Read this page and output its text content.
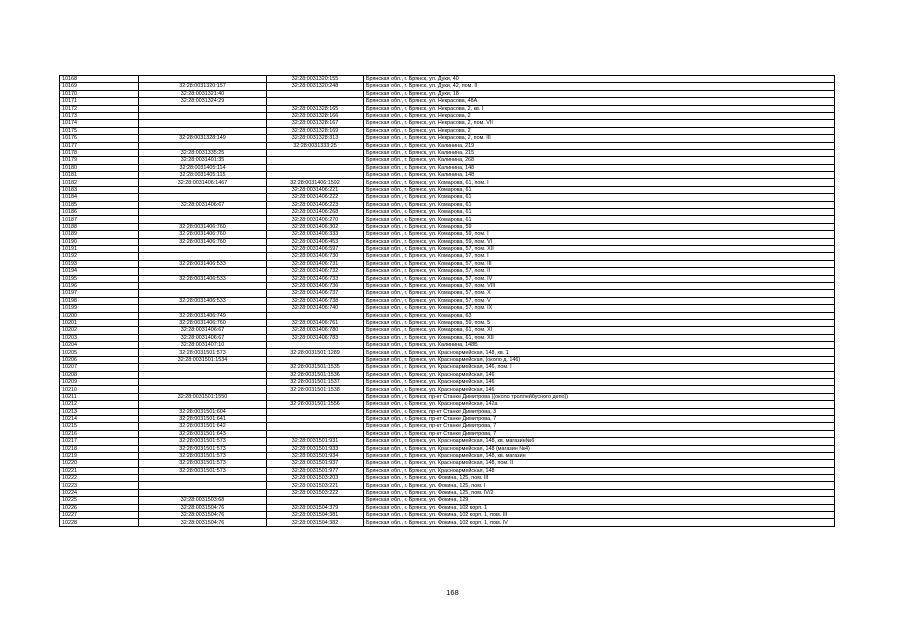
10168		32:28:0031320:155	Брянская обл., г. Брянск, ул. Дуки, 40
10169	32:28:0031320:157	32:28:0031320:248	Брянская обл., г. Брянск, ул. Дуки, 42, пом. II
10170	32:28:0031321:40		Брянская обл., г. Брянск, ул. Дуки, 18
10171	32:28:0031324:29		Брянская обл., г. Брянск, ул. Некрасова, 48А
10172		32:28:0031328:165	Брянская обл., г. Брянск, ул. Некрасова, 2, кв. I
10173		32:28:0031328:166	Брянская обл., г. Брянск, ул. Некрасова, 2
10174		32:28:0031328:167	Брянская обл., г. Брянск, ул. Некрасова, 2, пом. VII
10175		32:28:0031328:169	Брянская обл., г. Брянск, ул. Некрасова, 2
10176	32:28:0031328:149	32:28:0031328:313	Брянская обл., г. Брянск, ул. Некрасова, 2, пом. III
10177		32:28:0031333:25	Брянская обл., г. Брянск, ул. Калинина, 219
10178	32:28:0031335:25		Брянская обл., г. Брянск, ул. Калинина, 215
10179	32:28:0031401:35		Брянская обл., г. Брянск, ул. Калинина, 268
10180	32:28:0031405:114		Брянская обл., г. Брянск, ул. Калинина, 148
10181	32:28:0031405:115		Брянская обл., г. Брянск, ул. Калинина, 148
10182	32:28:0031406:1467	32:28:0031406:1592	Брянская обл., г. Брянск, ул. Комарова, 61, пом. I
10183		32:28:0031406:221	Брянская обл., г. Брянск, ул. Комарова, 61
10184		32:28:0031406:222	Брянская обл., г. Брянск, ул. Комарова, 61
10185	32:28:0031406:67	32:28:0031406:223	Брянская обл., г. Брянск, ул. Комарова, 61
10186		32:28:0031406:268	Брянская обл., г. Брянск, ул. Комарова, 61
10187		32:28:0031406:270	Брянская обл., г. Брянск, ул. Комарова, 61
10188	32:28:0031406:760	32:28:0031406:302	Брянская обл., г. Брянск, ул. Комарова, 59
10189	32:28:0031406:760	32:28:0031406:333	Брянская обл., г. Брянск, ул. Комарова, 59, пом. I
10190	32:28:0031406:760	32:28:0031406:453	Брянская обл., г. Брянск, ул. Комарова, 59, пом. VI
10191		32:28:0031406:597	Брянская обл., г. Брянск, ул. Комарова, 57, пом. XII
10192		32:28:0031406:730	Брянская обл., г. Брянск, ул. Комарова, 57, пом. I
10193	32:28:0031406:533	32:28:0031406:731	Брянская обл., г. Брянск, ул. Комарова, 57, пом. III
10194		32:28:0031406:732	Брянская обл., г. Брянск, ул. Комарова, 57, пом. II
10195	32:28:0031406:533	32:28:0031406:733	Брянская обл., г. Брянск, ул. Комарова, 57, пом. IV
10196		32:28:0031406:736	Брянская обл., г. Брянск, ул. Комарова, 57, пом. VIII
10197		32:28:0031406:737	Брянская обл., г. Брянск, ул. Комарова, 57, пом. X
10198	32:28:0031406:533	32:28:0031406:738	Брянская обл., г. Брянск, ул. Комарова, 57, пом. V
10199		32:28:0031406:740	Брянская обл., г. Брянск, ул. Комарова, 57, пом. IX
10200	32:28:0031406:749		Брянская обл., г. Брянск, ул. Комарова, 63
10201	32:28:0031406:760	32:28:0031406:761	Брянская обл., г. Брянск, ул. Комарова, 59, пом. 5
10202	32:28:0031406:67	32:28:0031406:780	Брянская обл., г. Брянск, ул. Комарова, 61, пом. XI
10203	32:28:0031406:67	32:28:0031406:783	Брянская обл., г. Брянск, ул. Комарова, 61, пом. XII
10204	32:28:0031407:10		Брянская обл., г. Брянск, ул. Калинина, 148Б
10205	32:28:0031501:573	32:28:0031501:1289	Брянская обл., г. Брянск, ул. Красноармейская, 148, кв. 1
10206	32:28:0031501:1534		Брянская обл., г. Брянск, ул. Красноармейская, (около д. 146)
10207		32:28:0031501:1535	Брянская обл., г. Брянск, ул. Красноармейская, 146, пом. I
10208		32:28:0031501:1536	Брянская обл., г. Брянск, ул. Красноармейская, 146
10209		32:28:0031501:1537	Брянская обл., г. Брянск, ул. Красноармейская, 146
10210		32:28:0031501:1538	Брянская обл., г. Брянск, ул. Красноармейская, 146
10211	32:28:0031501:1550		Брянская обл., г. Брянск, пр-кт Станке Димитрова ((около троллейбусного депо))
10212		32:28:0031501:1556	Брянская обл., г. Брянск, ул. Красноармейская, 142а
10213	32:28:0031501:604		Брянская обл., г. Брянск, пр-кт Станке Димитрова, 3
10214	32:28:0031501:641		Брянская обл., г. Брянск, пр-кт Станке Димитрова, 7
10215	32:28:0031501:642		Брянская обл., г. Брянск, пр-кт Станке Димитрова, 7
10216	32:28:0031501:643		Брянская обл., г. Брянск, пр-кт Станке Димитрова, 7
10217	32:28:0031501:573	32:28:0031501:931	Брянская обл., г. Брянск, ул. Красноармейская, 148, кв. магазин№6
10218	32:28:0031501:573	32:28:0031501:933	Брянская обл., г. Брянск, ул. Красноармейская, 148 (магазин №4)
10219	32:28:0031501:573	32:28:0031501:934	Брянская обл., г. Брянск, ул. Красноармейская, 148, кв. магазин
10220	32:28:0031501:573	32:28:0031501:937	Брянская обл., г. Брянск, ул. Красноармейская, 148, пом. II
10221	32:28:0031501:573	32:28:0031501:977	Брянская обл., г. Брянск, ул. Красноармейская, 148
10222		32:28:0031503:203	Брянская обл., г. Брянск, ул. Фокина, 125, пом. III
10223		32:28:0031503:221	Брянская обл., г. Брянск, ул. Фокина, 125, пом. I
10224		32:28:0031503:222	Брянская обл., г. Брянск, ул. Фокина, 125, пом. IV/2
10225	32:28:0031503:68		Брянская обл., г. Брянск, ул. Фокина, 129
10226	32:28:0031504:76	32:28:0031504:379	Брянская обл., г. Брянск, ул. Фокина, 102 корп. 1
10227	32:28:0031504:76	32:28:0031504:381	Брянская обл., г. Брянск, ул. Фокина, 102 корп. 1, пом. III
10228	32:28:0031504:76	32:28:0031504:382	Брянская обл., г. Брянск, ул. Фокина, 102 корп. 1, пом. IV
168
